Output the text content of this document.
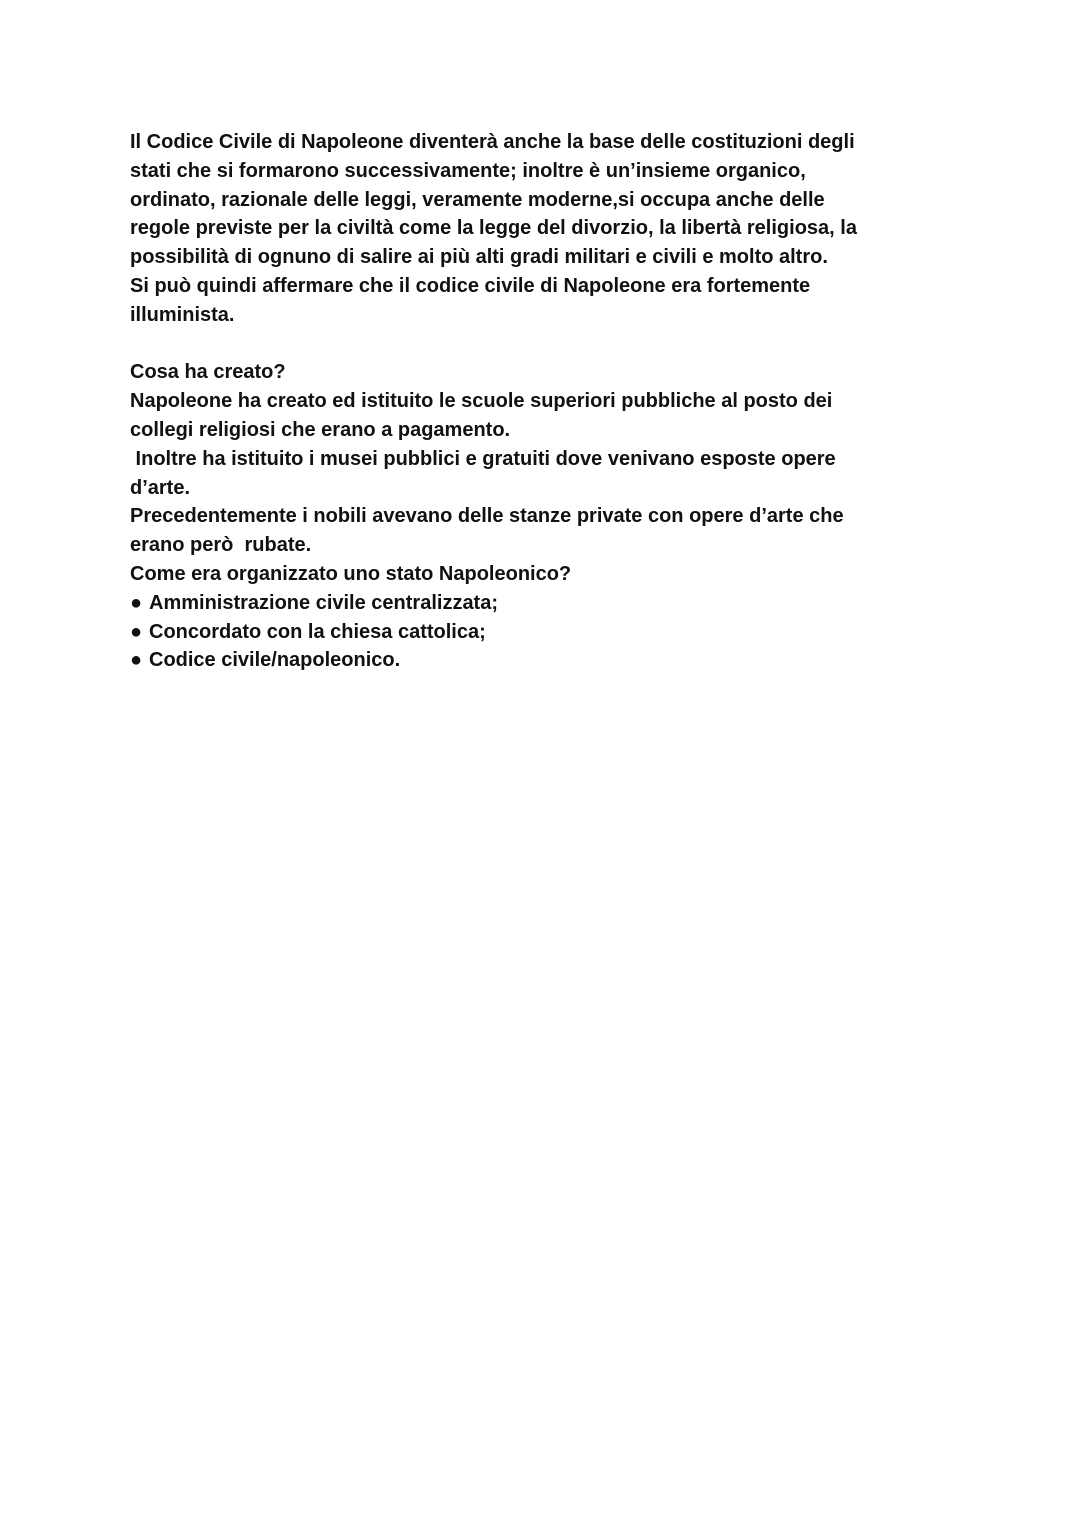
Il Codice Civile di Napoleone diventerà anche la base delle costituzioni degli
stati che si formarono successivamente; inoltre è un’insieme organico,
ordinato, razionale delle leggi, veramente moderne,si occupa anche delle
regole previste per la civiltà come la legge del divorzio, la libertà religiosa, la
possibilità di ognuno di salire ai più alti gradi militari e civili e molto altro.
Si può quindi affermare che il codice civile di Napoleone era fortemente
illuminista.
Cosa ha creato?
Napoleone ha creato ed istituito le scuole superiori pubbliche al posto dei
collegi religiosi che erano a pagamento.
Inoltre ha istituito i musei pubblici e gratuiti dove venivano esposte opere
d’arte.
Precedentemente i nobili avevano delle stanze private con opere d’arte che
erano però  rubate.
Come era organizzato uno stato Napoleonico?
● Amministrazione civile centralizzata;
● Concordato con la chiesa cattolica;
● Codice civile/napoleonico.
